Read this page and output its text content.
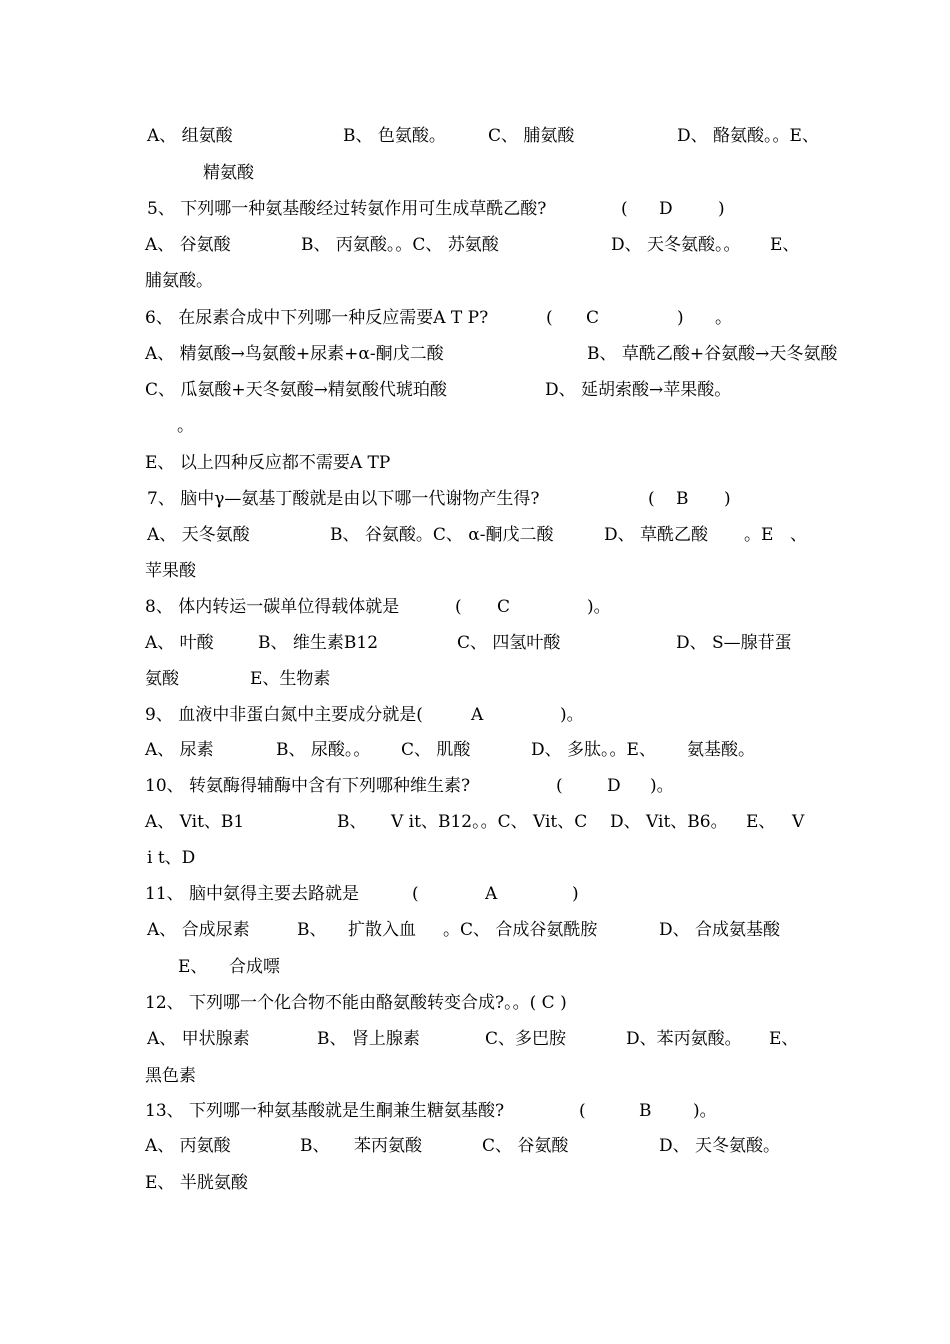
A、 组氨酸

	B、 色氨酸。

C、 脯氨酸

	D、 酪氨酸。。E、

精氨酸

5、 下列哪一种氨基酸经过转氨作用可生成草酰乙酸?

	(

D

	)

A、 谷氨酸

	B、 丙氨酸。。C、 苏氨酸

	D、 天冬氨酸。。

E、

脯氨酸。

6、 在尿素合成中下列哪一种反应需要A T P?

	(

C

	)

。

A、 精氨酸→鸟氨酸+尿素+α-酮戊二酸

	B、 草酰乙酸+谷氨酸→天冬氨酸

C、 瓜氨酸+天冬氨酸→精氨酸代琥珀酸

	D、 延胡索酸→苹果酸。

。

E、 以上四种反应都不需要A TP

7、 脑中γ—氨基丁酸就是由以下哪一代谢物产生得?

	(

B

)

A、 天冬氨酸

	B、 谷氨酸。C、 α-酮戊二酸

	D、 草酰乙酸

。E

、

苹果酸

8、 体内转运一碳单位得载体就是

	(

C

	)。

A、 叶酸

	B、 维生素B12

	C、 四氢叶酸

	D、 S—腺苷蛋

氨酸

	E、生物素

9、 血液中非蛋白氮中主要成分就是(

	A

	)。

A、 尿素

	B、 尿酸。。

C、 肌酸

	D、 多肽。。E、

氨基酸。

10、 转氨酶得辅酶中含有下列哪种维生素?

	(

	D

)。

A、 Vit、B1

	B、

V it、B12。。C、 Vit、C

D、 Vit、B6。

E、

V

i t、D

11、 脑中氨得主要去路就是

	(

	A

	)

A、 合成尿素

	B、

扩散入血

。C、 合成谷氨酰胺

	D、 合成氨基酸

E、

合成嘌

12、 下列哪一个化合物不能由酪氨酸转变合成?。。( C )

A、 甲状腺素

	B、 肾上腺素

	C、多巴胺

	D、苯丙氨酸。

E、

黑色素

13、 下列哪一种氨基酸就是生酮兼生糖氨基酸?

	(

	B

)。

A、 丙氨酸

	B、

苯丙氨酸

	C、 谷氨酸

	D、 天冬氨酸。

E、 半胱氨酸
